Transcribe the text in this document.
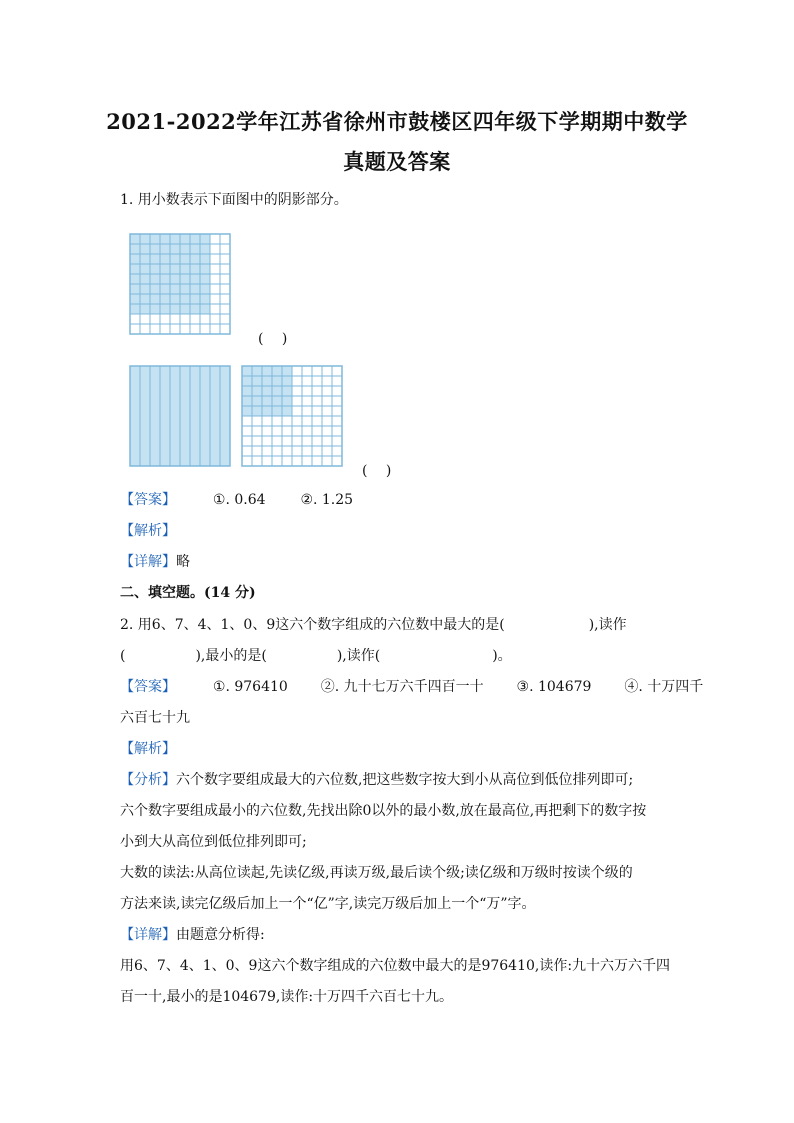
2021-2022学年江苏省徐州市鼓楼区四年级下学期期中数学
真题及答案
1. 用小数表示下面图中的阴影部分。
(　 )
(　 )
【答案】	①. 0.64 ②. 1.25
【解析】
【详解】略
二、填空题。(14 分)
2. 用6、7、4、1、0、9这六个数字组成的六位数中最大的是(　　　　　　),读作
(　　　　　),最小的是(　　　　　),读作(　　　　　　　　)。
【答案】	①. 976410 ②. 九十七万六千四百一十 ③. 104679 ④. 十万四千
六百七十九
【解析】
【分析】六个数字要组成最大的六位数,把这些数字按大到小从高位到低位排列即可;
六个数字要组成最小的六位数,先找出除0以外的最小数,放在最高位,再把剩下的数字按
小到大从高位到低位排列即可;
大数的读法:从高位读起,先读亿级,再读万级,最后读个级;读亿级和万级时按读个级的
方法来读,读完亿级后加上一个“亿”字,读完万级后加上一个“万”字。
【详解】由题意分析得:
用6、7、4、1、0、9这六个数字组成的六位数中最大的是976410,读作:九十六万六千四
百一十,最小的是104679,读作:十万四千六百七十九。
